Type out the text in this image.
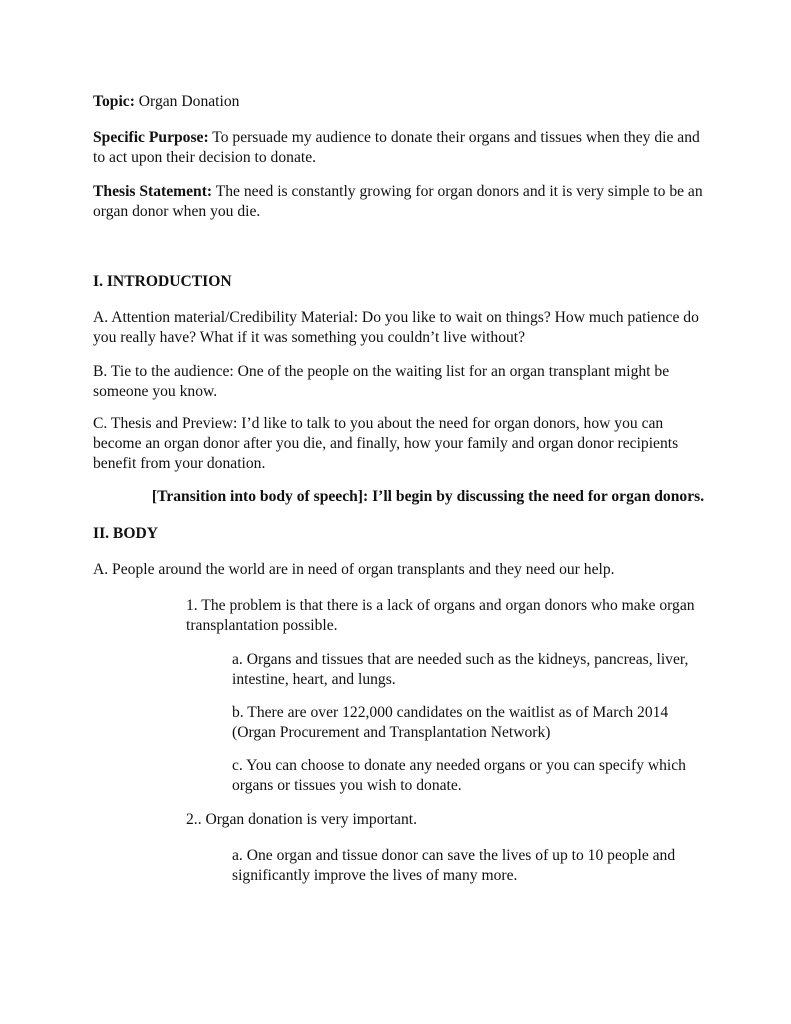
Topic: Organ Donation

Specific Purpose: To persuade my audience to donate their organs and tissues when they die and to act upon their decision to donate.

Thesis Statement: The need is constantly growing for organ donors and it is very simple to be an organ donor when you die.

I. INTRODUCTION

A. Attention material/Credibility Material: Do you like to wait on things? How much patience do you really have? What if it was something you couldn’t live without?

B. Tie to the audience: One of the people on the waiting list for an organ transplant might be someone you know.

C. Thesis and Preview: I’d like to talk to you about the need for organ donors, how you can become an organ donor after you die, and finally, how your family and organ donor recipients benefit from your donation.

[Transition into body of speech]: I’ll begin by discussing the need for organ donors.

II. BODY

A. People around the world are in need of organ transplants and they need our help.

1. The problem is that there is a lack of organs and organ donors who make organ transplantation possible.

a. Organs and tissues that are needed such as the kidneys, pancreas, liver, intestine, heart, and lungs.

b. There are over 122,000 candidates on the waitlist as of March 2014 (Organ Procurement and Transplantation Network)

c. You can choose to donate any needed organs or you can specify which organs or tissues you wish to donate.

2.. Organ donation is very important.

a. One organ and tissue donor can save the lives of up to 10 people and significantly improve the lives of many more.
